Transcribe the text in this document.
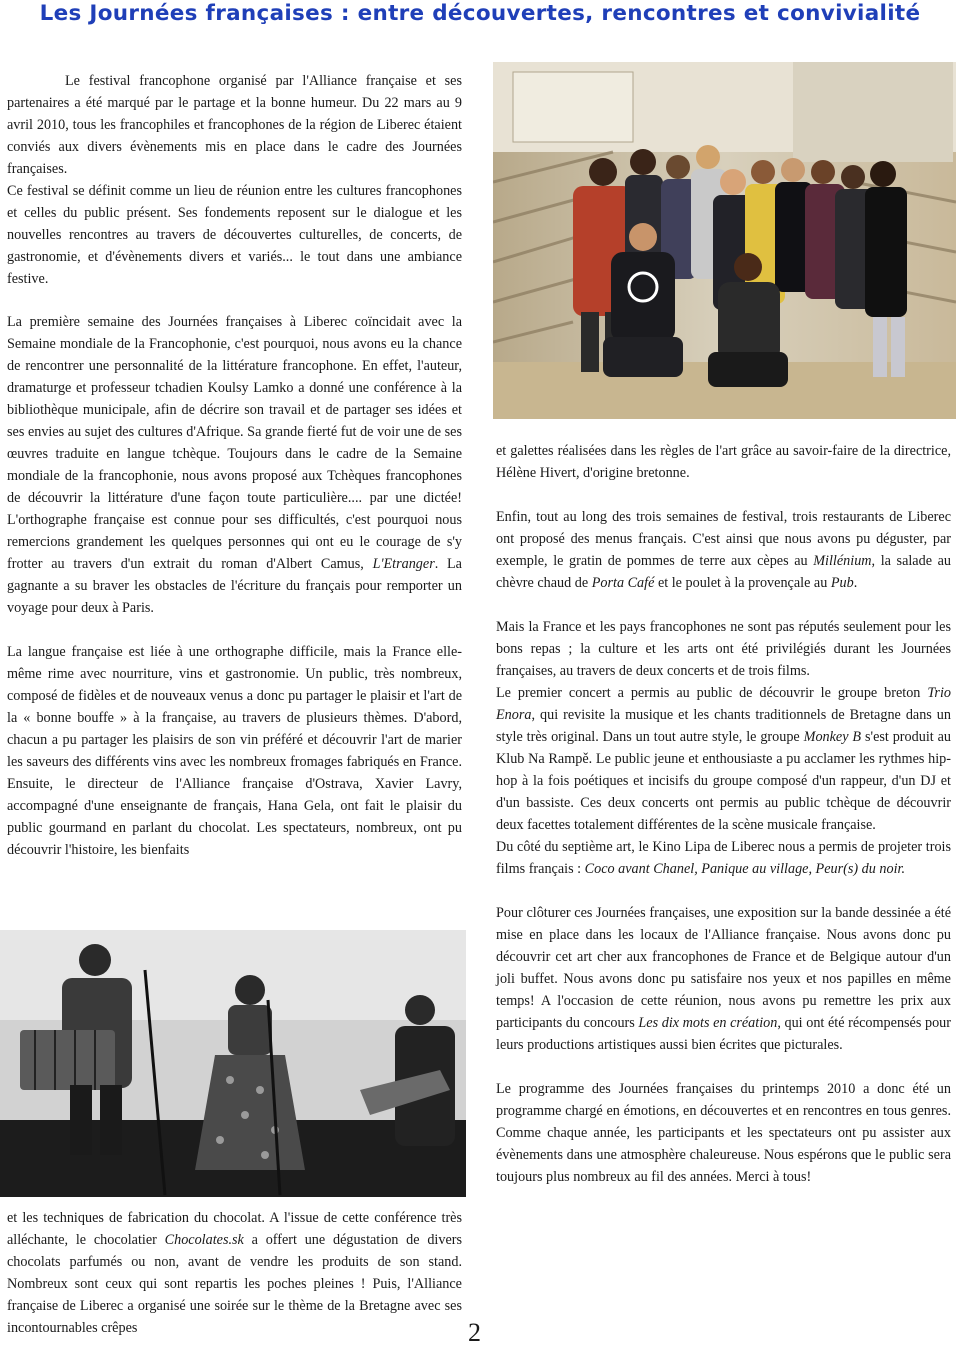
Les Journées françaises : entre découvertes, rencontres et convivialité

Le festival francophone organisé par l'Alliance française et ses partenaires a été marqué par le partage et la bonne humeur. Du 22 mars au 9 avril 2010, tous les francophiles et francophones de la région de Liberec étaient conviés aux divers évènements mis en place dans le cadre des Journées françaises.

Ce festival se définit comme un lieu de réunion entre les cultures francophones et celles du public présent. Ses fondements reposent sur le dialogue et les nouvelles rencontres au travers de découvertes culturelles, de concerts, de gastronomie, et d'évènements divers et variés... le tout dans une ambiance festive.

La première semaine des Journées françaises à Liberec coïncidait avec la Semaine mondiale de la Francophonie, c'est pourquoi, nous avons eu la chance de rencontrer une personnalité de la littérature francophone. En effet, l'auteur, dramaturge et professeur tchadien Koulsy Lamko a donné une conférence à la bibliothèque municipale, afin de décrire son travail et de partager ses idées et ses envies au sujet des cultures d'Afrique. Sa grande fierté fut de voir une de ses œuvres traduite en langue tchèque. Toujours dans le cadre de la Semaine mondiale de la francophonie, nous avons proposé aux Tchèques francophones de découvrir la littérature d'une façon toute particulière.... par une dictée! L'orthographe française est connue pour ses difficultés, c'est pourquoi nous remercions grandement les quelques personnes qui ont eu le courage de s'y frotter au travers d'un extrait du roman d'Albert Camus, L'Etranger. La gagnante a su braver les obstacles de l'écriture du français pour remporter un voyage pour deux à Paris.

La langue française est liée à une orthographe difficile, mais la France elle-même rime avec nourriture, vins et gastronomie. Un public, très nombreux, composé de fidèles et de nouveaux venus a donc pu partager le plaisir et l'art de la « bonne bouffe » à la française, au travers de plusieurs thèmes. D'abord, chacun a pu partager les plaisirs de son vin préféré et découvrir l'art de marier les saveurs des différents vins avec les nombreux fromages fabriqués en France. Ensuite, le directeur de l'Alliance française d'Ostrava, Xavier Lavry, accompagné d'une enseignante de français, Hana Gela, ont fait le plaisir du public gourmand en parlant du chocolat. Les spectateurs, nombreux, ont pu découvrir l'histoire, les bienfaits

et les techniques de fabrication du chocolat. A l'issue de cette conférence très alléchante, le chocolatier Chocolates.sk a offert une dégustation de divers chocolats parfumés ou non, avant de vendre les produits de son stand. Nombreux sont ceux qui sont repartis les poches pleines ! Puis, l'Alliance française de Liberec a organisé une soirée sur le thème de la Bretagne avec ses incontournables crêpes

et galettes réalisées dans les règles de l'art grâce au savoir-faire de la directrice, Hélène Hivert, d'origine bretonne.

Enfin, tout au long des trois semaines de festival, trois restaurants de Liberec ont proposé des menus français. C'est ainsi que nous avons pu déguster, par exemple, le gratin de pommes de terre aux cèpes au Millénium, la salade au chèvre chaud de Porta Café et le poulet à la provençale au Pub.

Mais la France et les pays francophones ne sont pas réputés seulement pour les bons repas ; la culture et les arts ont été privilégiés durant les Journées françaises, au travers de deux concerts et de trois films.

Le premier concert a permis au public de découvrir le groupe breton Trio Enora, qui revisite la musique et les chants traditionnels de Bretagne dans un style très original. Dans un tout autre style, le groupe Monkey B s'est produit au Klub Na Rampě. Le public jeune et enthousiaste a pu acclamer les rythmes hip-hop à la fois poétiques et incisifs du groupe composé d'un rappeur, d'un DJ et d'un bassiste. Ces deux concerts ont permis au public tchèque de découvrir deux facettes totalement différentes de la scène musicale française.

Du côté du septième art, le Kino Lipa de Liberec nous a permis de projeter trois films français : Coco avant Chanel, Panique au village, Peur(s) du noir.

Pour clôturer ces Journées françaises, une exposition sur la bande dessinée a été mise en place dans les locaux de l'Alliance française. Nous avons donc pu découvrir cet art cher aux francophones de France et de Belgique autour d'un joli buffet. Nous avons donc pu satisfaire nos yeux et nos papilles en même temps! A l'occasion de cette réunion, nous avons pu remettre les prix aux participants du concours Les dix mots en création, qui ont été récompensés pour leurs productions artistiques aussi bien écrites que picturales.

Le programme des Journées françaises du printemps 2010 a donc été un programme chargé en émotions, en découvertes et en rencontres en tous genres. Comme chaque année, les participants et les spectateurs ont pu assister aux évènements dans une atmosphère chaleureuse. Nous espérons que le public sera toujours plus nombreux au fil des années. Merci à tous!

2
